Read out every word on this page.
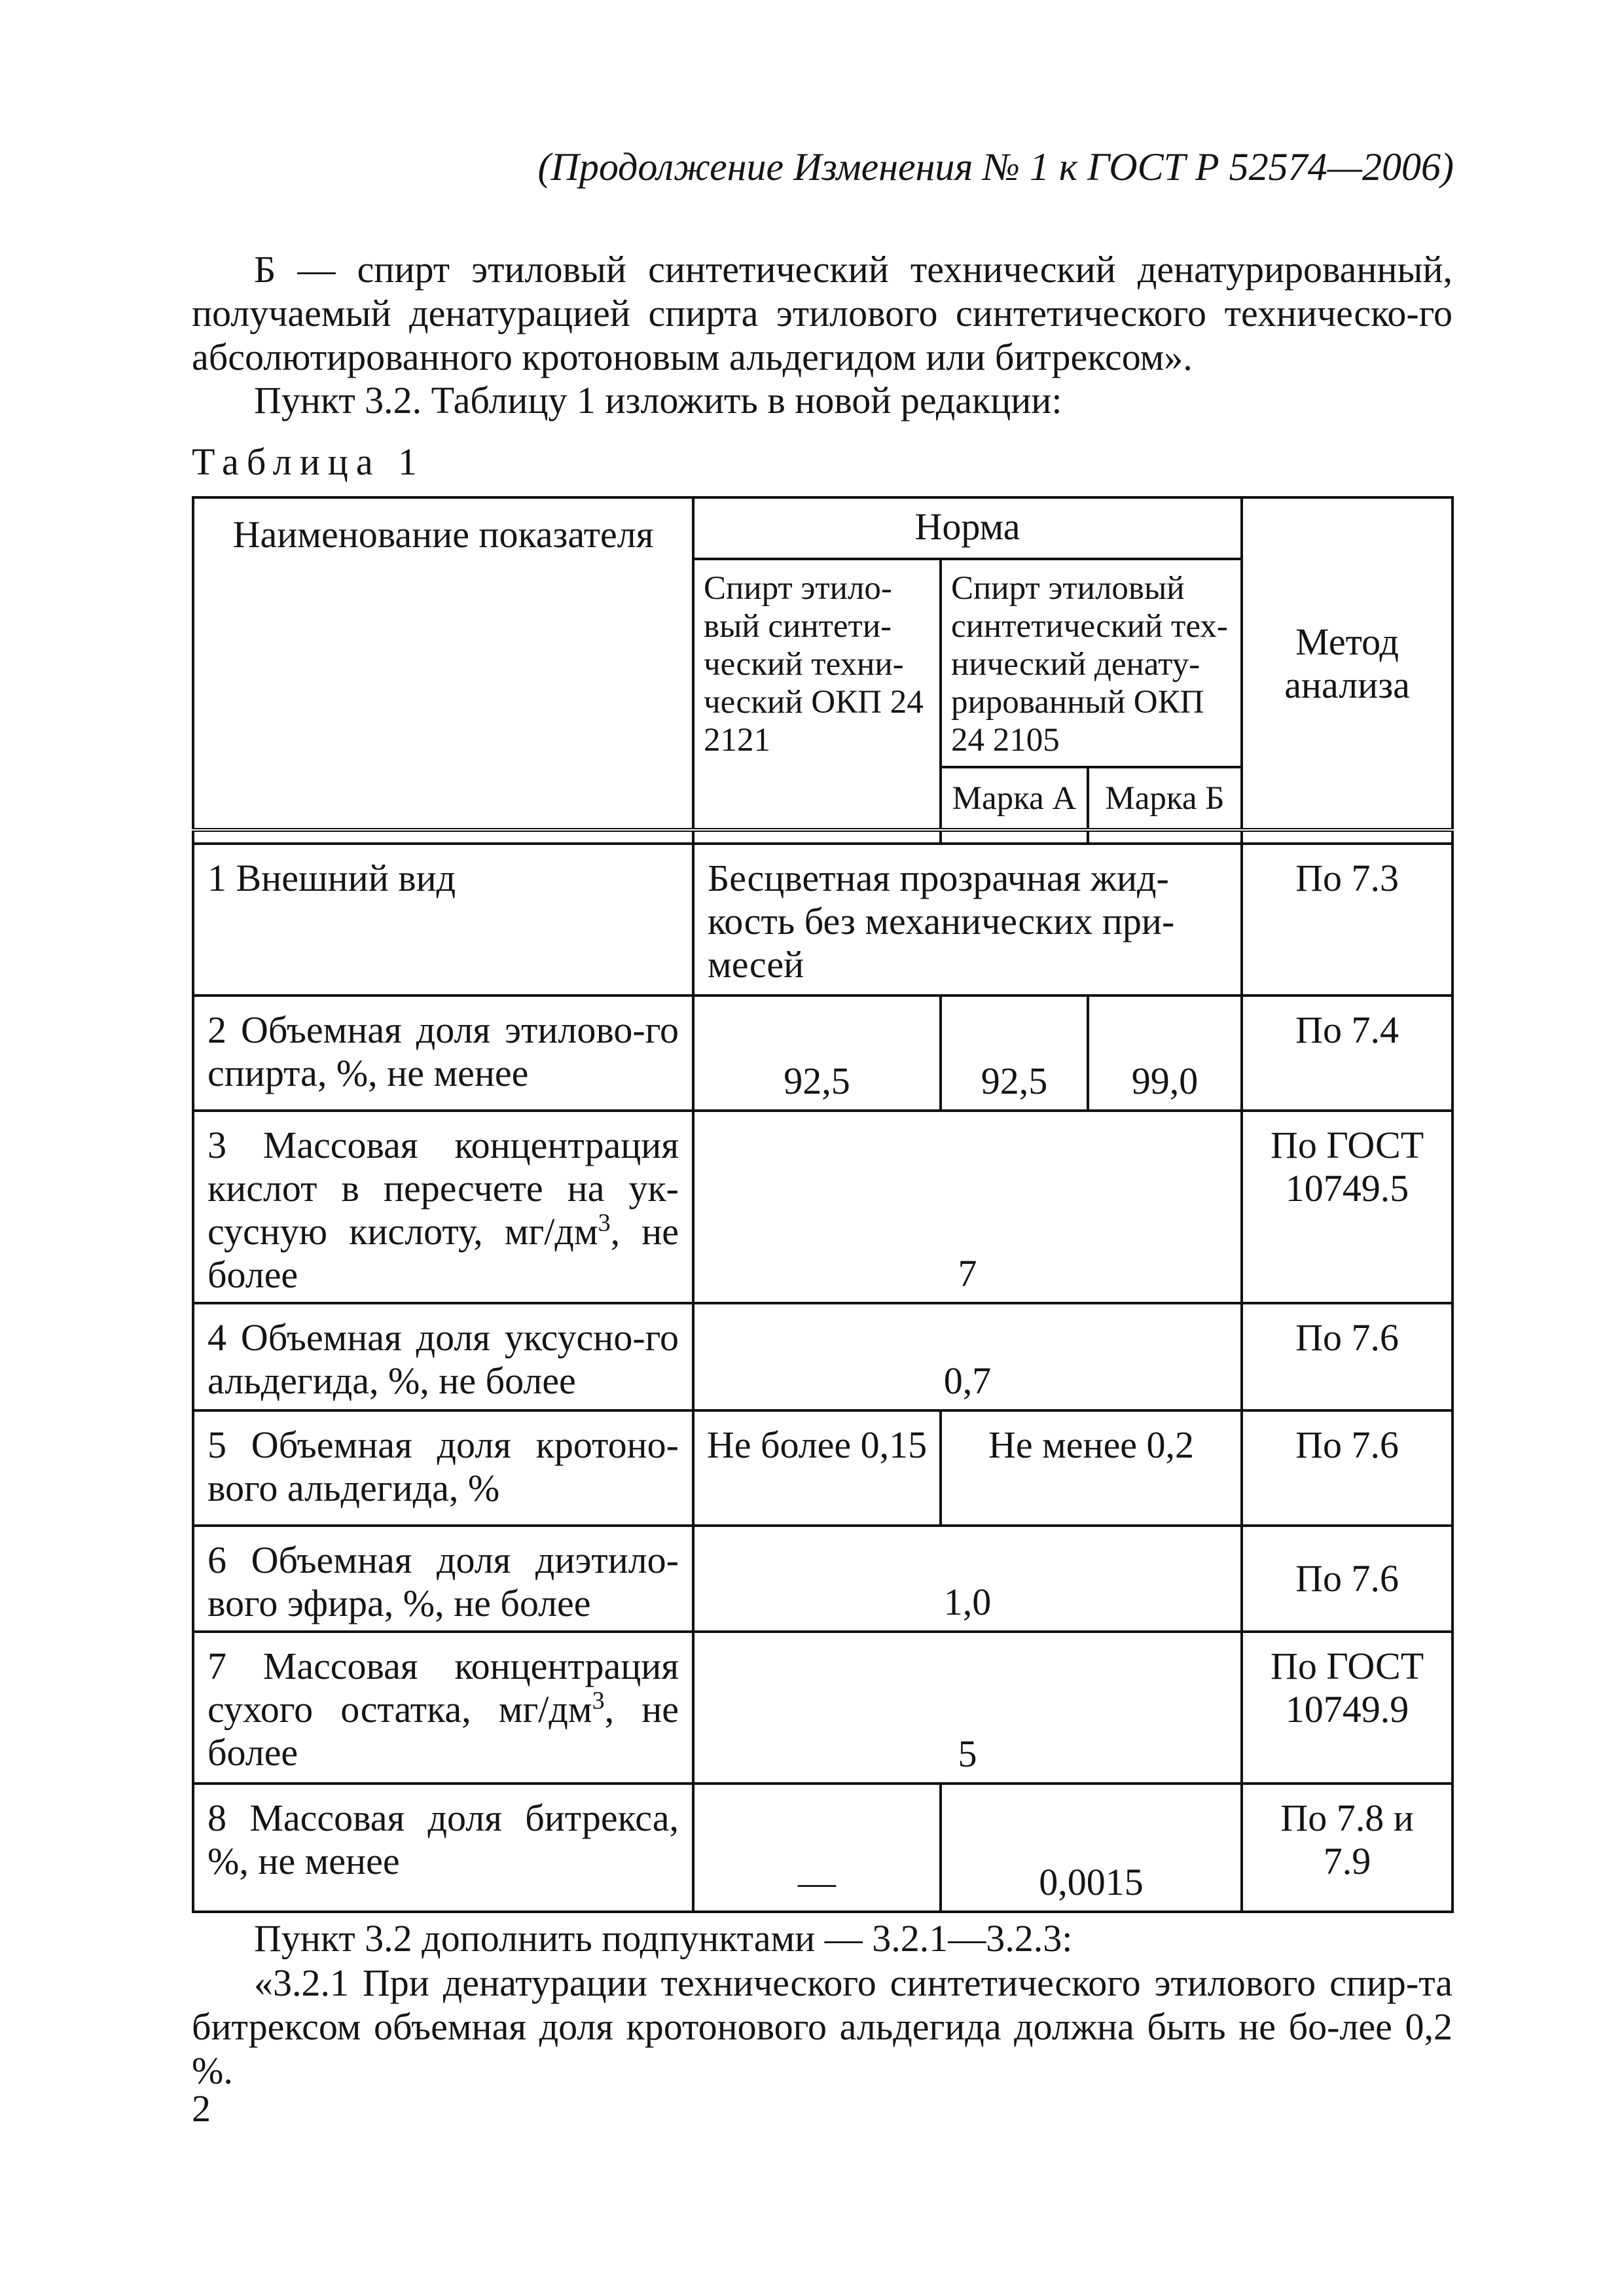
(Продолжение Изменения № 1 к ГОСТ Р 52574—2006)
Б — спирт этиловый синтетический технический денатурированный, получаемый денатурацией спирта этилового синтетического техническо-го абсолютированного кротоновым альдегидом или битрексом».
Пункт 3.2. Таблицу 1 изложить в новой редакции:
Таблица 1
Наименование показателя	Норма			Метод анализа
	Спирт этило-вый синтети-ческий техни-ческий ОКП 24 2121	Спирт этиловый синтетический тех-нический денату-рированный ОКП 24 2105		
		Марка А	Марка Б	

1 Внешний вид	Бесцветная прозрачная жид-кость без механических при-месей			По 7.3
2 Объемная доля этилово-го спирта, %, не менее	92,5	92,5	99,0	По 7.4
3 Массовая концентрация кислот в пересчете на ук-сусную кислоту, $мг/дм^3$, не более	7			По ГОСТ 10749.5
4 Объемная доля уксусно-го альдегида, %, не более	0,7			По 7.6
5 Объемная доля кротоно-вого альдегида, %	Не более 0,15	Не менее 0,2		По 7.6
6 Объемная доля диэтило-вого эфира, %, не более	1,0			По 7.6
7 Массовая концентрация сухого остатка, $мг/дм^3$, не более	5			По ГОСТ 10749.9
8 Массовая доля битрекса, %, не менее	—	0,0015		По 7.8 и 7.9
Пункт 3.2 дополнить подпунктами — 3.2.1—3.2.3:
«3.2.1 При денатурации технического синтетического этилового спир-та битрексом объемная доля кротонового альдегида должна быть не бо-лее 0,2 %.
2
